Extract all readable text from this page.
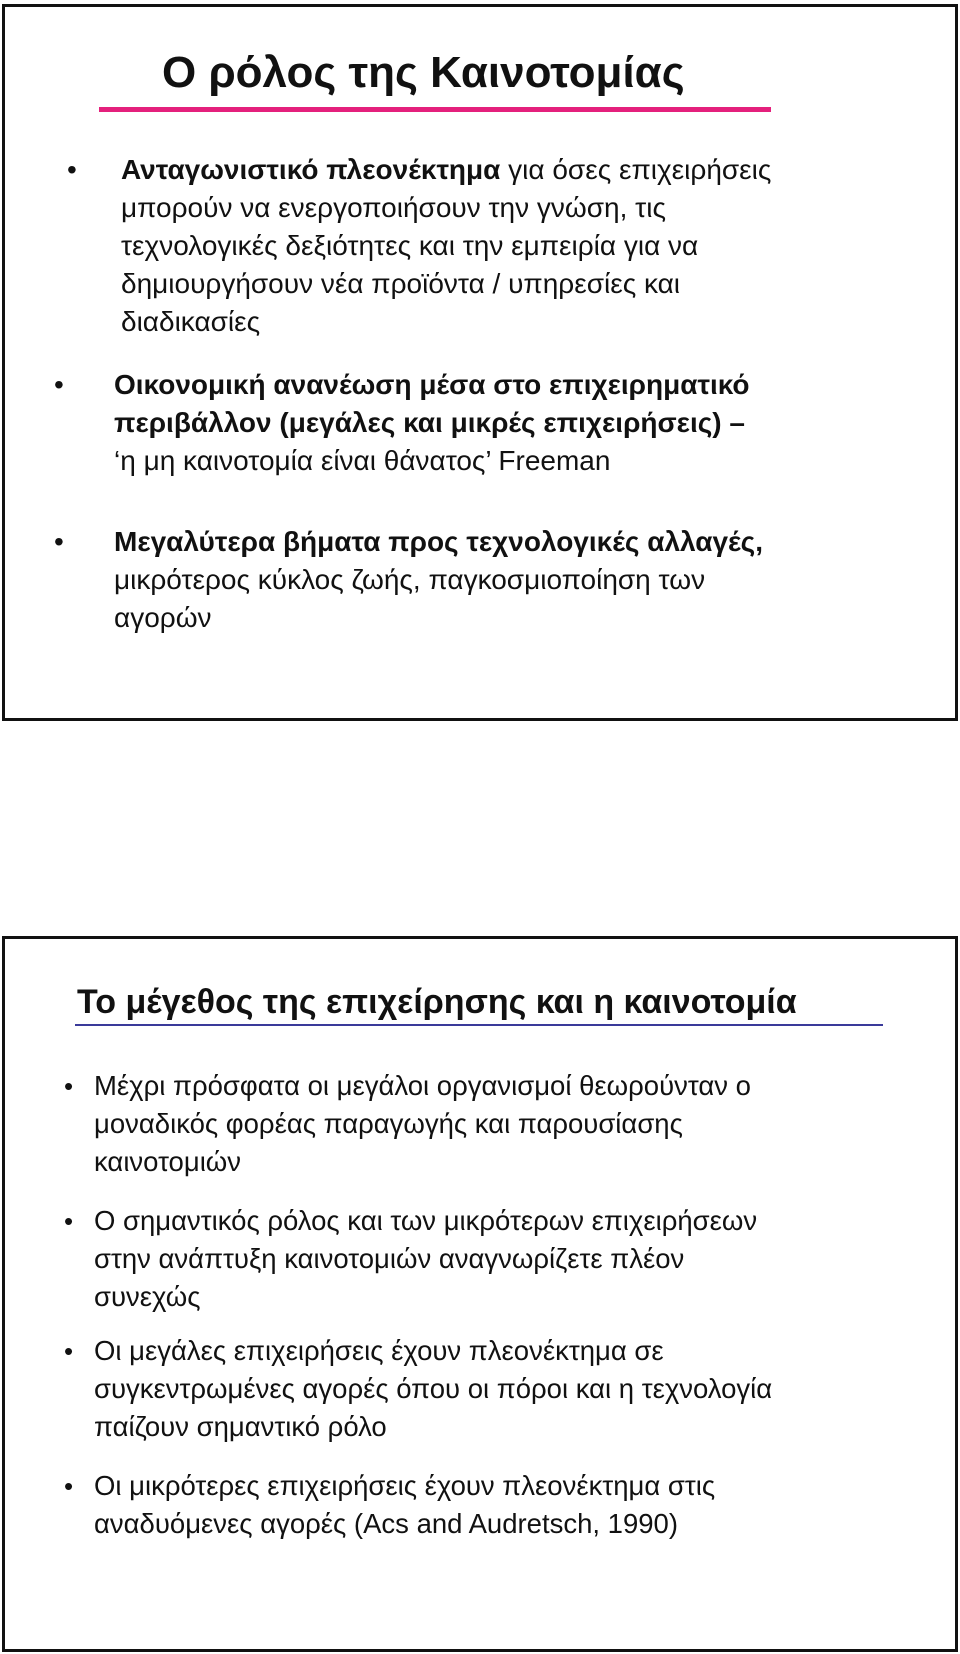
Ο ρόλος της Καινοτομίας
• Ανταγωνιστικό πλεονέκτημα για όσες επιχειρήσεις

μπορούν να ενεργοποιήσουν την γνώση, τις

τεχνολογικές δεξιότητες και την εμπειρία για να

δημιουργήσουν νέα προϊόντα / υπηρεσίες και

διαδικασίες

• Οικονομική ανανέωση μέσα στο επιχειρηματικό

περιβάλλον (μεγάλες και μικρές επιχειρήσεις) –

‘η μη καινοτομία είναι θάνατος’ Freeman

• Μεγαλύτερα βήματα προς τεχνολογικές αλλαγές,

μικρότερος κύκλος ζωής, παγκοσμιοποίηση των

αγορών

Το μέγεθος της επιχείρησης και η καινοτομία
• Μέχρι πρόσφατα οι μεγάλοι οργανισμοί θεωρούνταν ο

μοναδικός φορέας παραγωγής και παρουσίασης

καινοτομιών

• Ο σημαντικός ρόλος και των μικρότερων επιχειρήσεων

στην ανάπτυξη καινοτομιών αναγνωρίζετε πλέον

συνεχώς

• Οι μεγάλες επιχειρήσεις έχουν πλεονέκτημα σε

συγκεντρωμένες αγορές όπου οι πόροι και η τεχνολογία

παίζουν σημαντικό ρόλο

• Οι μικρότερες επιχειρήσεις έχουν πλεονέκτημα στις

αναδυόμενες αγορές (Acs and Audretsch, 1990)
